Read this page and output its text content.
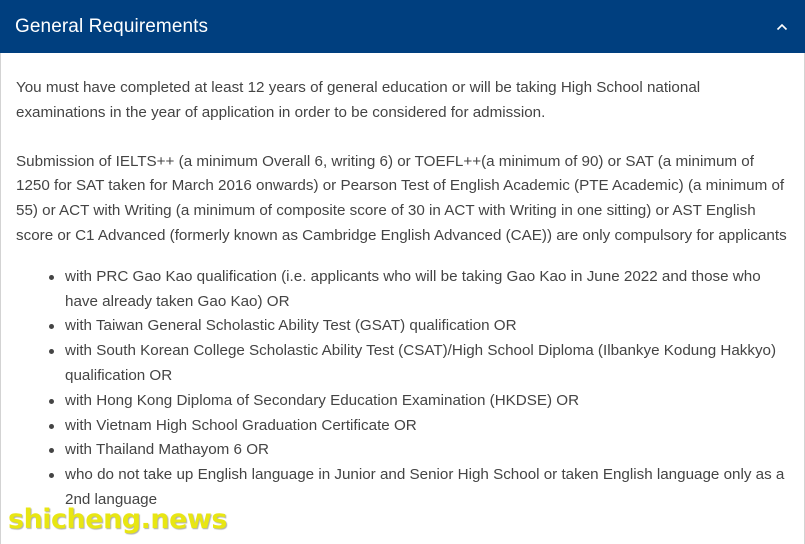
General Requirements

You must have completed at least 12 years of general education or will be taking High School national examinations in the year of application in order to be considered for admission.

Submission of IELTS++ (a minimum Overall 6, writing 6) or TOEFL++(a minimum of 90) or SAT (a minimum of 1250 for SAT taken for March 2016 onwards) or Pearson Test of English Academic (PTE Academic) (a minimum of 55) or ACT with Writing (a minimum of composite score of 30 in ACT with Writing in one sitting) or AST English score or C1 Advanced (formerly known as Cambridge English Advanced (CAE)) are only compulsory for applicants

with PRC Gao Kao qualification (i.e. applicants who will be taking Gao Kao in June 2022 and those who have already taken Gao Kao) OR
with Taiwan General Scholastic Ability Test (GSAT) qualification OR
with South Korean College Scholastic Ability Test (CSAT)/High School Diploma (Ilbankye Kodung Hakkyo) qualification OR
with Hong Kong Diploma of Secondary Education Examination (HKDSE) OR
with Vietnam High School Graduation Certificate OR
with Thailand Mathayom 6 OR
who do not take up English language in Junior and Senior High School or taken English language only as a 2nd language
shicheng.news
